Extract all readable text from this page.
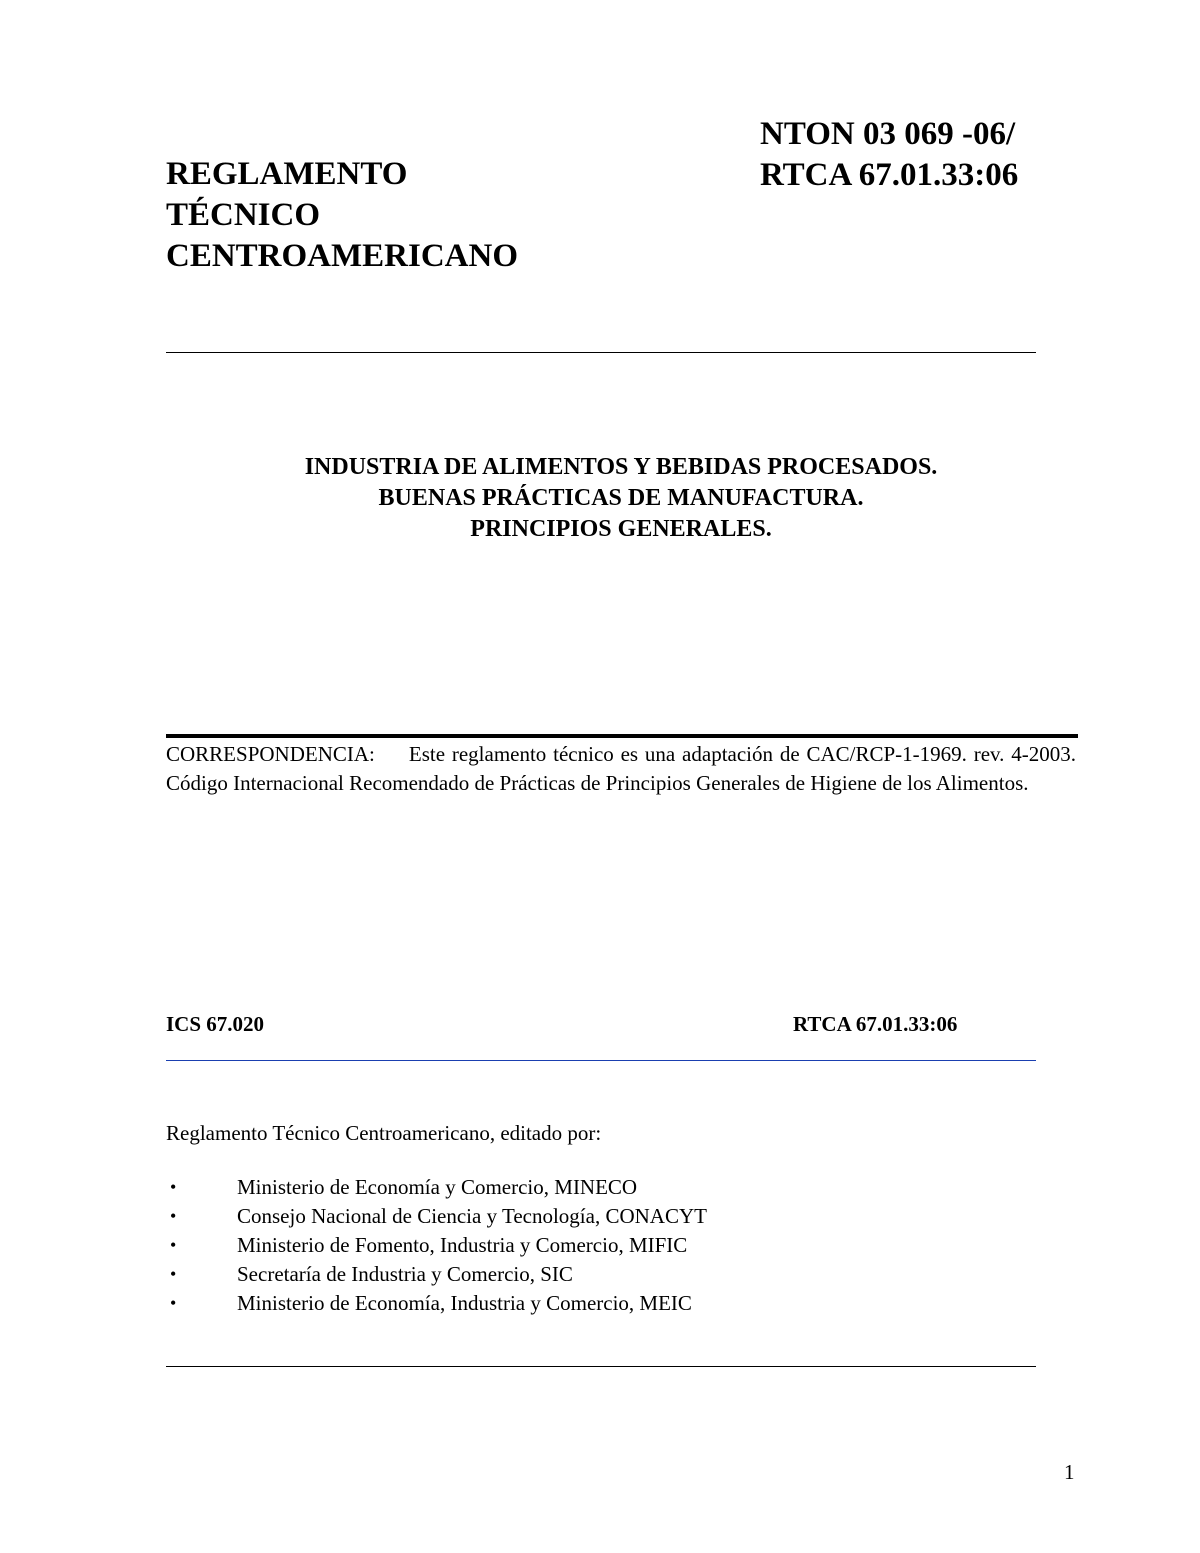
REGLAMENTO
TÉCNICO
CENTROAMERICANO
NTON 03 069 -06/
RTCA 67.01.33:06
INDUSTRIA DE ALIMENTOS Y BEBIDAS PROCESADOS.
BUENAS PRÁCTICAS DE MANUFACTURA.
PRINCIPIOS GENERALES.
CORRESPONDENCIA: Este reglamento técnico es una adaptación de CAC/RCP-1-1969. rev. 4-2003. Código Internacional Recomendado de Prácticas de Principios Generales de Higiene de los Alimentos.
ICS 67.020	RTCA 67.01.33:06
Reglamento Técnico Centroamericano, editado por:
•	Ministerio de Economía y Comercio, MINECO
•	Consejo Nacional de Ciencia y Tecnología, CONACYT
•	Ministerio de Fomento, Industria y Comercio, MIFIC
•	Secretaría de Industria y Comercio, SIC
•	Ministerio de Economía, Industria y Comercio, MEIC
1
